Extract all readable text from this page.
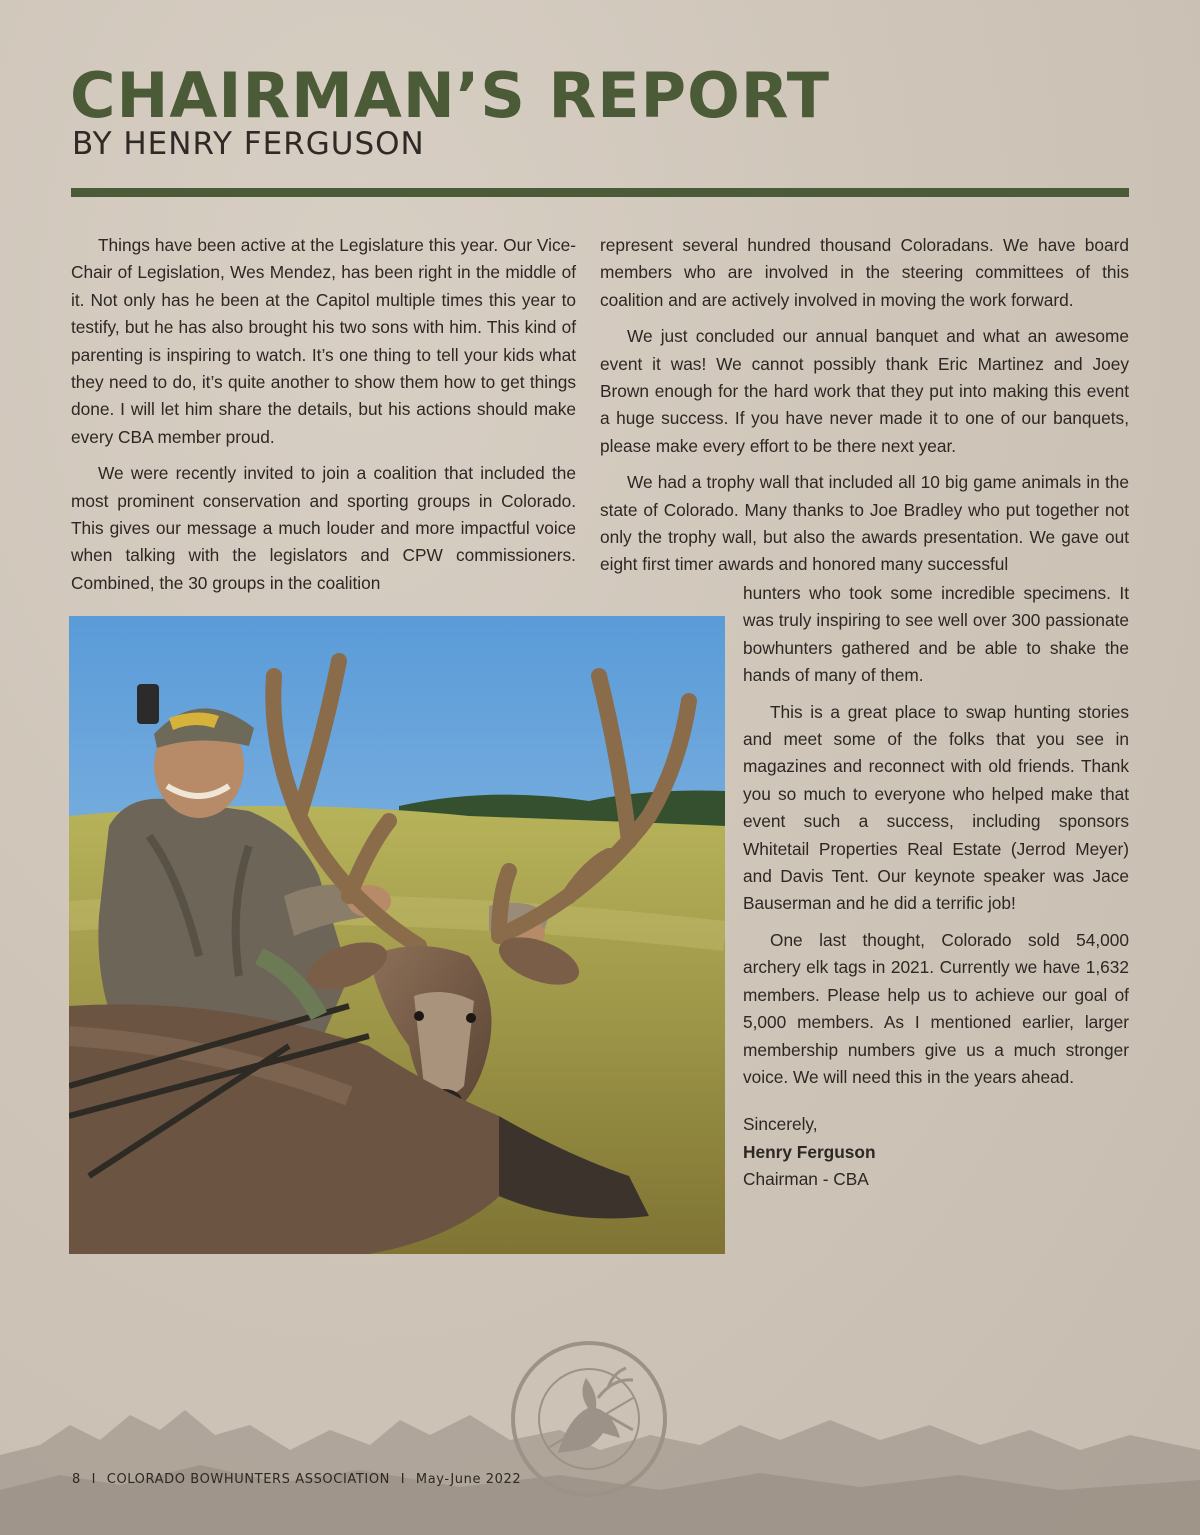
CHAIRMAN’S REPORT
BY HENRY FERGUSON

Things have been active at the Legislature this year. Our Vice-Chair of Legislation, Wes Mendez, has been right in the middle of it. Not only has he been at the Capitol multiple times this year to testify, but he has also brought his two sons with him. This kind of parenting is inspiring to watch. It’s one thing to tell your kids what they need to do, it’s quite another to show them how to get things done. I will let him share the details, but his actions should make every CBA member proud.

We were recently invited to join a coalition that included the most prominent conservation and sporting groups in Colorado. This gives our message a much louder and more impactful voice when talking with the legislators and CPW commissioners. Combined, the 30 groups in the coalition

represent several hundred thousand Coloradans. We have board members who are involved in the steering committees of this coalition and are actively involved in moving the work forward.

We just concluded our annual banquet and what an awesome event it was! We cannot possibly thank Eric Martinez and Joey Brown enough for the hard work that they put into making this event a huge success. If you have never made it to one of our banquets, please make every effort to be there next year.

We had a trophy wall that included all 10 big game animals in the state of Colorado. Many thanks to Joe Bradley who put together not only the trophy wall, but also the awards presentation. We gave out eight first timer awards and honored many successful

hunters who took some incredible specimens. It was truly inspiring to see well over 300 passionate bowhunters gathered and be able to shake the hands of many of them.

This is a great place to swap hunting stories and meet some of the folks that you see in magazines and reconnect with old friends. Thank you so much to everyone who helped make that event such a success, including sponsors Whitetail Properties Real Estate (Jerrod Meyer) and Davis Tent. Our keynote speaker was Jace Bauserman and he did a terrific job!

One last thought, Colorado sold 54,000 archery elk tags in 2021. Currently we have 1,632 members. Please help us to achieve our goal of 5,000 members. As I mentioned earlier, larger membership numbers give us a much stronger voice. We will need this in the years ahead.

Sincerely,
Henry Ferguson
Chairman - CBA
8 I COLORADO BOWHUNTERS ASSOCIATION I May-June 2022
